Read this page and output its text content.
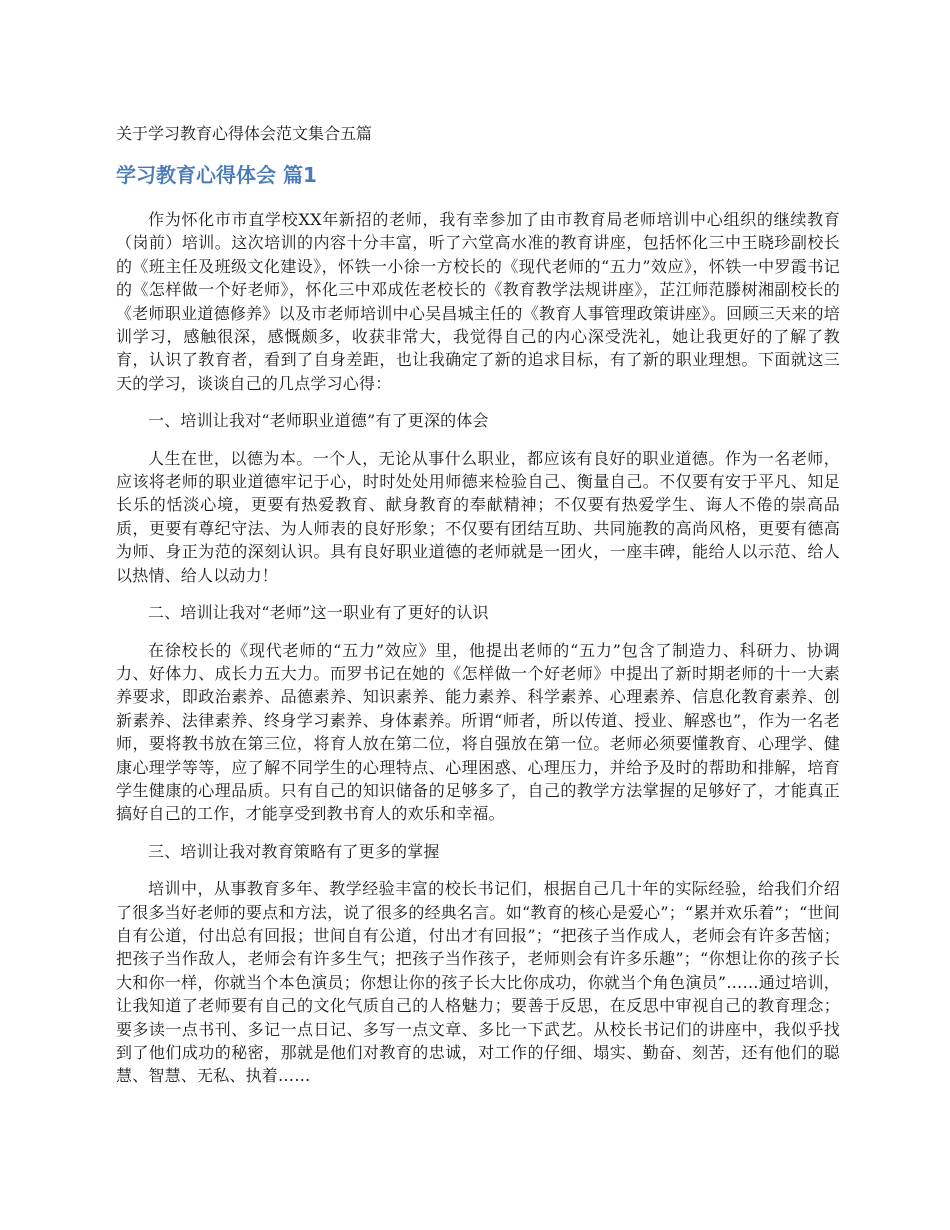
关于学习教育心得体会范文集合五篇
学习教育心得体会 篇1

作为怀化市市直学校XX年新招的老师，我有幸参加了由市教育局老师培训中心组织的继续教育（岗前）培训。这次培训的内容十分丰富，听了六堂高水准的教育讲座，包括怀化三中王晓珍副校长的《班主任及班级文化建设》，怀铁一小徐一方校长的《现代老师的“五力”效应》，怀铁一中罗霞书记的《怎样做一个好老师》，怀化三中邓成佐老校长的《教育教学法规讲座》，芷江师范滕树湘副校长的《老师职业道德修养》以及市老师培训中心吴昌城主任的《教育人事管理政策讲座》。回顾三天来的培训学习，感触很深，感慨颇多，收获非常大，我觉得自己的内心深受洗礼，她让我更好的了解了教育，认识了教育者，看到了自身差距，也让我确定了新的追求目标，有了新的职业理想。下面就这三天的学习，谈谈自己的几点学习心得：

一、培训让我对“老师职业道德”有了更深的体会

人生在世，以德为本。一个人，无论从事什么职业，都应该有良好的职业道德。作为一名老师，应该将老师的职业道德牢记于心，时时处处用师德来检验自己、衡量自己。不仅要有安于平凡、知足长乐的恬淡心境，更要有热爱教育、献身教育的奉献精神；不仅要有热爱学生、诲人不倦的崇高品质，更要有尊纪守法、为人师表的良好形象；不仅要有团结互助、共同施教的高尚风格，更要有德高为师、身正为范的深刻认识。具有良好职业道德的老师就是一团火，一座丰碑，能给人以示范、给人以热情、给人以动力！

二、培训让我对“老师”这一职业有了更好的认识

在徐校长的《现代老师的“五力”效应》里，他提出老师的“五力”包含了制造力、科研力、协调力、好体力、成长力五大力。而罗书记在她的《怎样做一个好老师》中提出了新时期老师的十一大素养要求，即政治素养、品德素养、知识素养、能力素养、科学素养、心理素养、信息化教育素养、创新素养、法律素养、终身学习素养、身体素养。所谓“师者，所以传道、授业、解惑也”，作为一名老师，要将教书放在第三位，将育人放在第二位，将自强放在第一位。老师必须要懂教育、心理学、健康心理学等等，应了解不同学生的心理特点、心理困惑、心理压力，并给予及时的帮助和排解，培育学生健康的心理品质。只有自己的知识储备的足够多了，自己的教学方法掌握的足够好了，才能真正搞好自己的工作，才能享受到教书育人的欢乐和幸福。

三、培训让我对教育策略有了更多的掌握

培训中，从事教育多年、教学经验丰富的校长书记们，根据自己几十年的实际经验，给我们介绍了很多当好老师的要点和方法，说了很多的经典名言。如“教育的核心是爱心”；“累并欢乐着”；“世间自有公道，付出总有回报；世间自有公道，付出才有回报”；“把孩子当作成人，老师会有许多苦恼；把孩子当作敌人，老师会有许多生气；把孩子当作孩子，老师则会有许多乐趣”；“你想让你的孩子长大和你一样，你就当个本色演员；你想让你的孩子长大比你成功，你就当个角色演员”……通过培训，让我知道了老师要有自己的文化气质自己的人格魅力；要善于反思，在反思中审视自己的教育理念；要多读一点书刊、多记一点日记、多写一点文章、多比一下武艺。从校长书记们的讲座中，我似乎找到了他们成功的秘密，那就是他们对教育的忠诚，对工作的仔细、塌实、勤奋、刻苦，还有他们的聪慧、智慧、无私、执着……
